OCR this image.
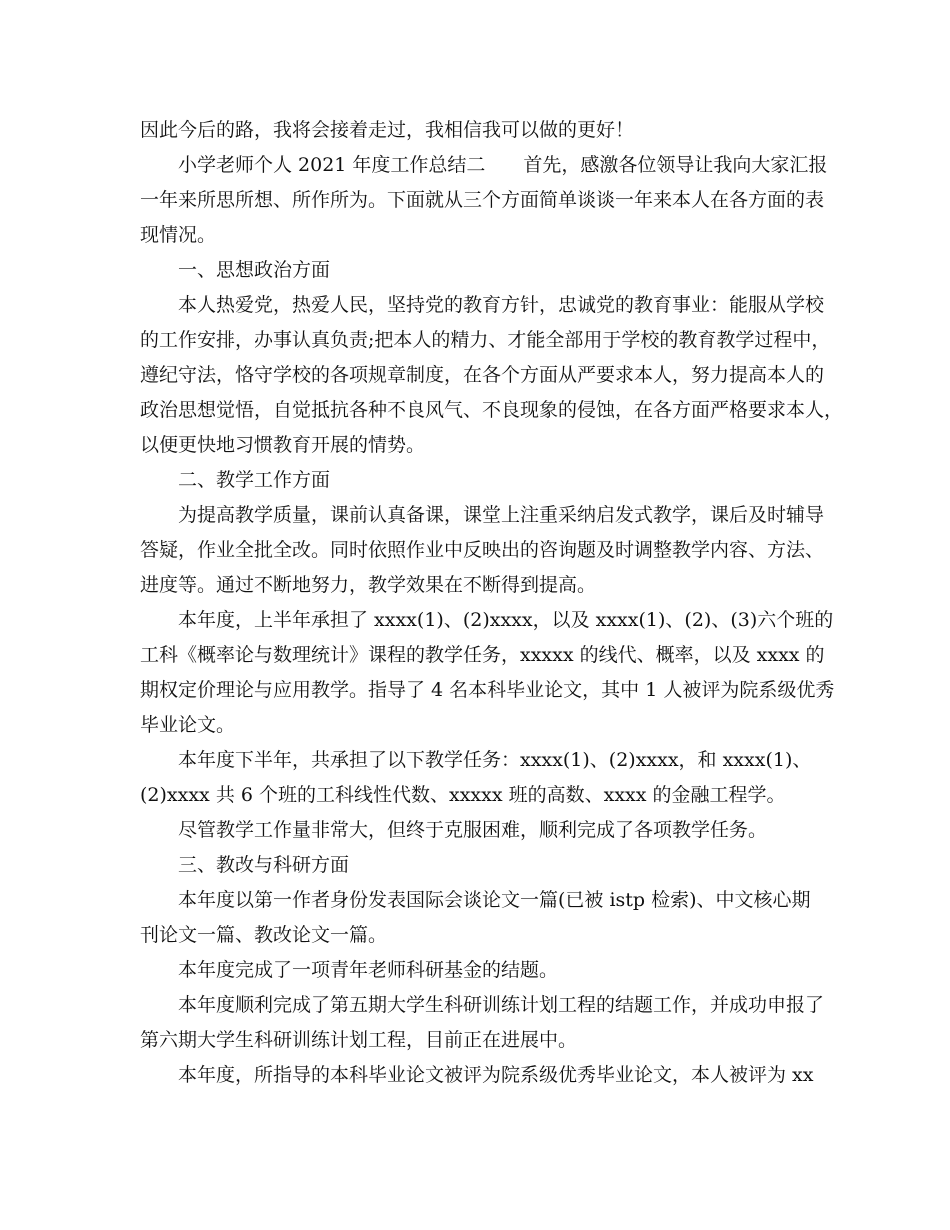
因此今后的路，我将会接着走过，我相信我可以做的更好！

小学老师个人 2021 年度工作总结二　　首先，感激各位领导让我向大家汇报

一年来所思所想、所作所为。下面就从三个方面简单谈谈一年来本人在各方面的表

现情况。

一、思想政治方面

本人热爱党，热爱人民，坚持党的教育方针，忠诚党的教育事业：能服从学校

的工作安排，办事认真负责;把本人的精力、才能全部用于学校的教育教学过程中，

遵纪守法，恪守学校的各项规章制度，在各个方面从严要求本人，努力提高本人的

政治思想觉悟，自觉抵抗各种不良风气、不良现象的侵蚀，在各方面严格要求本人，

以便更快地习惯教育开展的情势。

二、教学工作方面

为提高教学质量，课前认真备课，课堂上注重采纳启发式教学，课后及时辅导

答疑，作业全批全改。同时依照作业中反映出的咨询题及时调整教学内容、方法、

进度等。通过不断地努力，教学效果在不断得到提高。

本年度，上半年承担了 xxxx(1)、(2)xxxx，以及 xxxx(1)、(2)、(3)六个班的

工科《概率论与数理统计》课程的教学任务，xxxxx 的线代、概率，以及 xxxx 的

期权定价理论与应用教学。指导了 4 名本科毕业论文，其中 1 人被评为院系级优秀

毕业论文。

本年度下半年，共承担了以下教学任务：xxxx(1)、(2)xxxx，和 xxxx(1)、

(2)xxxx 共 6 个班的工科线性代数、xxxxx 班的高数、xxxx 的金融工程学。

尽管教学工作量非常大，但终于克服困难，顺利完成了各项教学任务。

三、教改与科研方面

本年度以第一作者身份发表国际会谈论文一篇(已被 istp 检索)、中文核心期

刊论文一篇、教改论文一篇。

本年度完成了一项青年老师科研基金的结题。

本年度顺利完成了第五期大学生科研训练计划工程的结题工作，并成功申报了

第六期大学生科研训练计划工程，目前正在进展中。

本年度，所指导的本科毕业论文被评为院系级优秀毕业论文，本人被评为 xx
